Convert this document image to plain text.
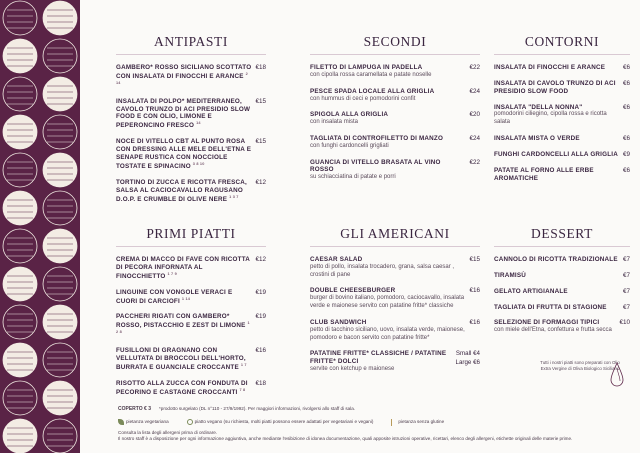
ANTIPASTI
GAMBERO* ROSSO SICILIANO SCOTTATO CON INSALATA DI FINOCCHI E ARANCE $^{2 14}$
€18
INSALATA DI POLPO* MEDITERRANEO, CAVOLO TRUNZO DI ACI PRESIDIO SLOW FOOD E CON OLIO, LIMONE E PEPERONCINO FRESCO $^{14}$
€15
NOCE DI VITELLO CBT AL PUNTO ROSA CON DRESSING ALLE MELE DELL'ETNA E SENAPE RUSTICA CON NOCCIOLE TOSTATE E SPINACINO $^{3 8 10}$
€15
TORTINO DI ZUCCA E RICOTTA FRESCA, SALSA AL CACIOCAVALLO RAGUSANO D.O.P. E CRUMBLE DI OLIVE NERE $^{1 3 7}$
€12
SECONDI
FILETTO DI LAMPUGA IN PADELLA
con cipolla rossa caramellata e patate noselle
€22
PESCE SPADA LOCALE ALLA GRIGLIA
con hummus di ceci e pomodorini confit
€24
SPIGOLA ALLA GRIGLIA
con insalata mista
€20
TAGLIATA DI CONTROFILETTO DI MANZO
con funghi cardoncelli grigliati
€24
GUANCIA DI VITELLO BRASATA AL VINO ROSSO
su schiacciatina di patate e porri
€22
CONTORNI
INSALATA DI FINOCCHI E ARANCE	€6
INSALATA DI CAVOLO TRUNZO DI ACI PRESIDIO SLOW FOOD
€6
INSALATA "DELLA NONNA"
pomodorini ciliegino, cipolla rossa e ricotta salata
€6
INSALATA MISTA O VERDE	€6
FUNGHI CARDONCELLI ALLA GRIGLIA €9
PATATE AL FORNO ALLE ERBE AROMATICHE
€6
PRIMI PIATTI
CREMA DI MACCO DI FAVE CON RICOTTA DI PECORA INFORNATA AL FINOCCHIETTO $^{1 7 9}$
€12
LINGUINE CON VONGOLE VERACI E CUORI DI CARCIOFI $^{1 14}$
€19
PACCHERI RIGATI CON GAMBERO* ROSSO, PISTACCHIO E ZEST DI LIMONE $^{1 2 8}$
€19
FUSILLONI DI GRAGNANO CON VELLUTATA DI BROCCOLI DELL'HORTO, BURRATA E GUANCIALE CROCCANTE $^{1 7}$
€16
RISOTTO ALLA ZUCCA CON FONDUTA DI PECORINO E CASTAGNE CROCCANTI $^{7 8}$
€18
GLI AMERICANI
CAESAR SALAD
petto di pollo, insalata trocadero, grana, salsa caesar , crostini di pane
€15
DOUBLE CHEESEBURGER
burger di bovino italiano, pomodoro, caciocavallo, insalata verde e maionese servito con patatine fritte* classiche
€16
CLUB SANDWICH
petto di tacchino siciliano, uovo, insalata verde, maionese, pomodoro e bacon servito con patatine fritte*
€16
PATATINE FRITTE* CLASSICHE / PATATINE FRITTE* DOLCI
servite con ketchup e maionese
Small €4
Large €6
DESSERT
CANNOLO DI RICOTTA TRADIZIONALE €7
TIRAMISÙ	€7
GELATO ARTIGIANALE	€7
TAGLIATA DI FRUTTA DI STAGIONE	€7
SELEZIONE DI FORMAGGI TIPICI
con miele dell'Etna, confettura e frutta secca
€10
Tutti i nostri piatti sono preparati con Olio Extra Vergine di Oliva Biologico Siciliano
COPERTO € 3 *prodotto surgelato (DL n°110 - 27/9/1992). Per maggiori informazioni, rivolgersi allo staff di sala.
pietanza vegetariana	piatto vegano (su richiesta, molti piatti possono essere adattati per vegetariani e vegani)	pietanza senza glutine
Consulta la lista degli allergeni prima di ordinare.
Il nostro staff è a disposizione per ogni informazione aggiuntiva, anche mediante l'esibizione di idonea documentazione, quali apposite istruzioni operative, ricettari, elenco degli allergeni, etichette originali delle materie prime.
